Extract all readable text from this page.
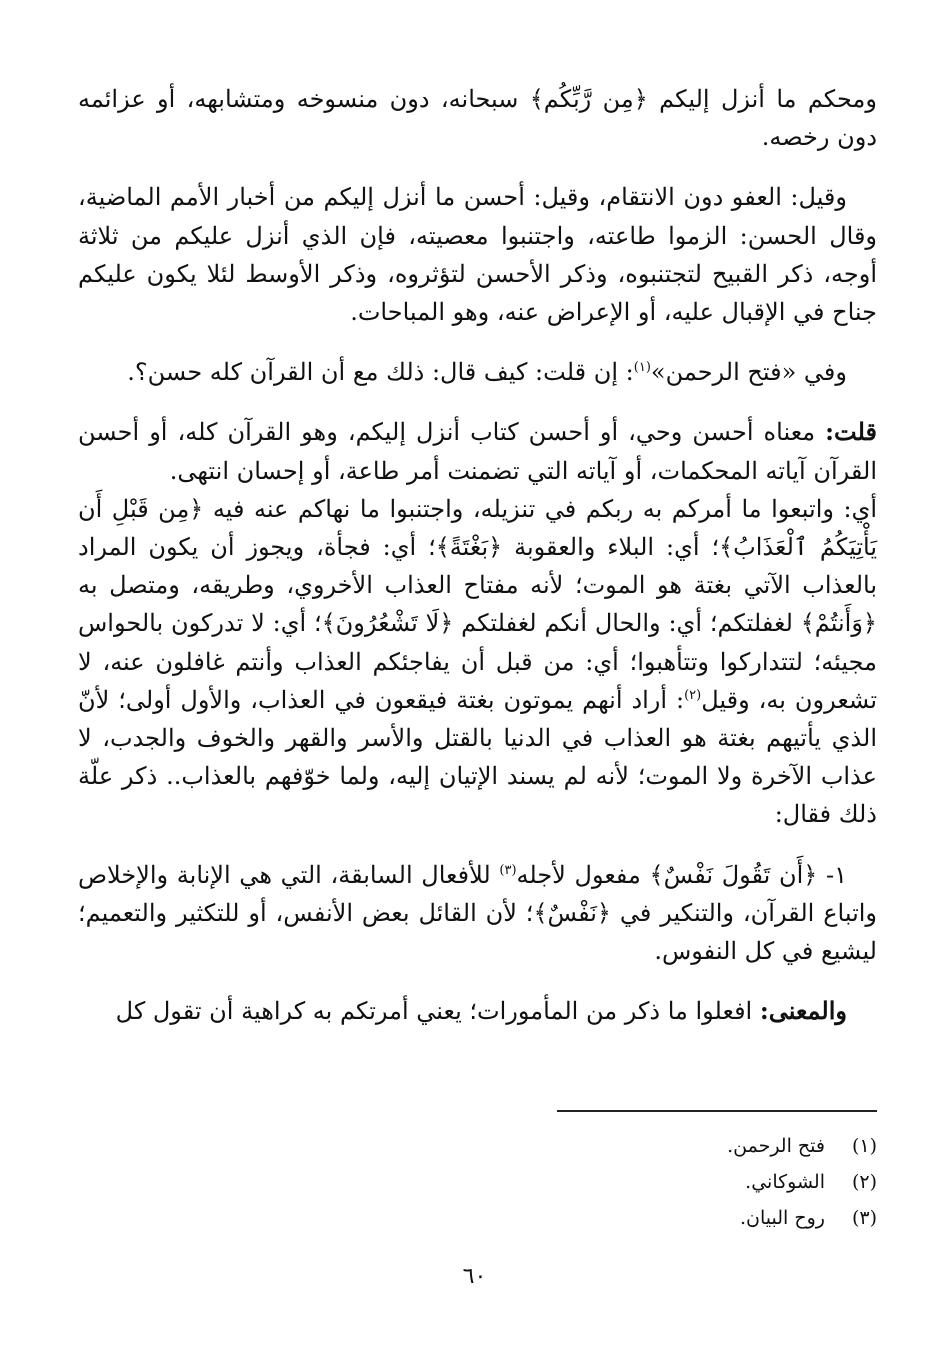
ومحكم ما أنزل إليكم ﴿مِن رَّبِّكُم﴾ سبحانه، دون منسوخه ومتشابهه، أو عزائمه دون رخصه.

وقيل: العفو دون الانتقام، وقيل: أحسن ما أنزل إليكم من أخبار الأمم الماضية، وقال الحسن: الزموا طاعته، واجتنبوا معصيته، فإن الذي أنزل عليكم من ثلاثة أوجه، ذكر القبيح لتجتنبوه، وذكر الأحسن لتؤثروه، وذكر الأوسط لئلا يكون عليكم جناح في الإقبال عليه، أو الإعراض عنه، وهو المباحات.

وفي «فتح الرحمن»$^{(١)}$: إن قلت: كيف قال: ذلك مع أن القرآن كله حسن؟.

قلت: معناه أحسن وحي، أو أحسن كتاب أنزل إليكم، وهو القرآن كله، أو أحسن القرآن آياته المحكمات، أو آياته التي تضمنت أمر طاعة، أو إحسان انتهى.
أي: واتبعوا ما أمركم به ربكم في تنزيله، واجتنبوا ما نهاكم عنه فيه ﴿مِن قَبْلِ أَن يَأْتِيَكُمُ ٱلْعَذَابُ﴾؛ أي: البلاء والعقوبة ﴿بَغْتَةً﴾؛ أي: فجأة، ويجوز أن يكون المراد بالعذاب الآتي بغتة هو الموت؛ لأنه مفتاح العذاب الأخروي، وطريقه، ومتصل به ﴿وَأَنتُمْ﴾ لغفلتكم؛ أي: والحال أنكم لغفلتكم ﴿لَا تَشْعُرُونَ﴾؛ أي: لا تدركون بالحواس مجيئه؛ لتتداركوا وتتأهبوا؛ أي: من قبل أن يفاجئكم العذاب وأنتم غافلون عنه، لا تشعرون به، وقيل$^{(٢)}$: أراد أنهم يموتون بغتة فيقعون في العذاب، والأول أولى؛ لأنّ الذي يأتيهم بغتة هو العذاب في الدنيا بالقتل والأسر والقهر والخوف والجدب، لا عذاب الآخرة ولا الموت؛ لأنه لم يسند الإتيان إليه، ولما خوّفهم بالعذاب.. ذكر علّة ذلك فقال:

١- ﴿أَن تَقُولَ نَفْسٌ﴾ مفعول لأجله$^{(٣)}$ للأفعال السابقة، التي هي الإنابة والإخلاص واتباع القرآن، والتنكير في ﴿نَفْسٌ﴾؛ لأن القائل بعض الأنفس، أو للتكثير والتعميم؛ ليشيع في كل النفوس.

والمعنى: افعلوا ما ذكر من المأمورات؛ يعني أمرتكم به كراهية أن تقول كل

(١)
فتح الرحمن.
(٢)
الشوكاني.
(٣)
روح البيان.
٦٠
